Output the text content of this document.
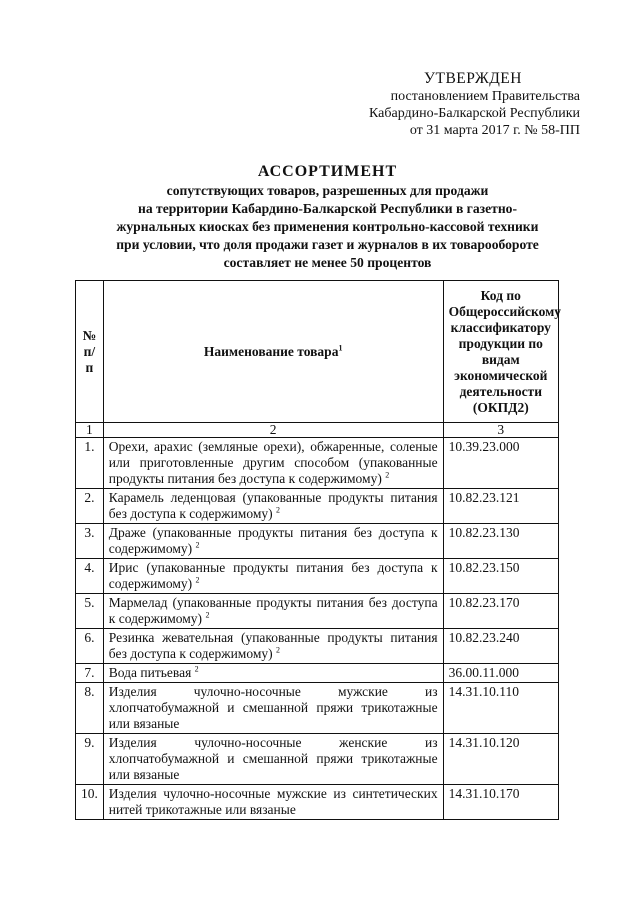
УТВЕРЖДЕН
постановлением Правительства
Кабардино-Балкарской Республики
от 31 марта 2017 г. № 58-ПП
АССОРТИМЕНТ
сопутствующих товаров, разрешенных для продажи
на территории Кабардино-Балкарской Республики в газетно-
журнальных киосках без применения контрольно-кассовой техники
при условии, что доля продажи газет и журналов в их товарообороте
составляет не менее 50 процентов
№ п/п	Наименование товара$^1$	Код по Общероссийскому классификатору продукции по видам экономической деятельности (ОКПД2)
1	2	3
1.	Орехи, арахис (земляные орехи), обжаренные, соленые или приготовленные другим способом (упакованные продукты питания без доступа к содержимому) $^2$	10.39.23.000
2.	Карамель леденцовая (упакованные продукты питания без доступа к содержимому) $^2$	10.82.23.121
3.	Драже (упакованные продукты питания без доступа к содержимому) $^2$	10.82.23.130
4.	Ирис (упакованные продукты питания без доступа к содержимому) $^2$	10.82.23.150
5.	Мармелад (упакованные продукты питания без доступа к содержимому) $^2$	10.82.23.170
6.	Резинка жевательная (упакованные продукты питания без доступа к содержимому) $^2$	10.82.23.240
7.	Вода питьевая $^2$	36.00.11.000
8.	Изделия чулочно-носочные мужские из хлопчатобумажной и смешанной пряжи трикотажные или вязаные	14.31.10.110
9.	Изделия чулочно-носочные женские из хлопчатобумажной и смешанной пряжи трикотажные или вязаные	14.31.10.120
10.	Изделия чулочно-носочные мужские из синтетических нитей трикотажные или вязаные	14.31.10.170
